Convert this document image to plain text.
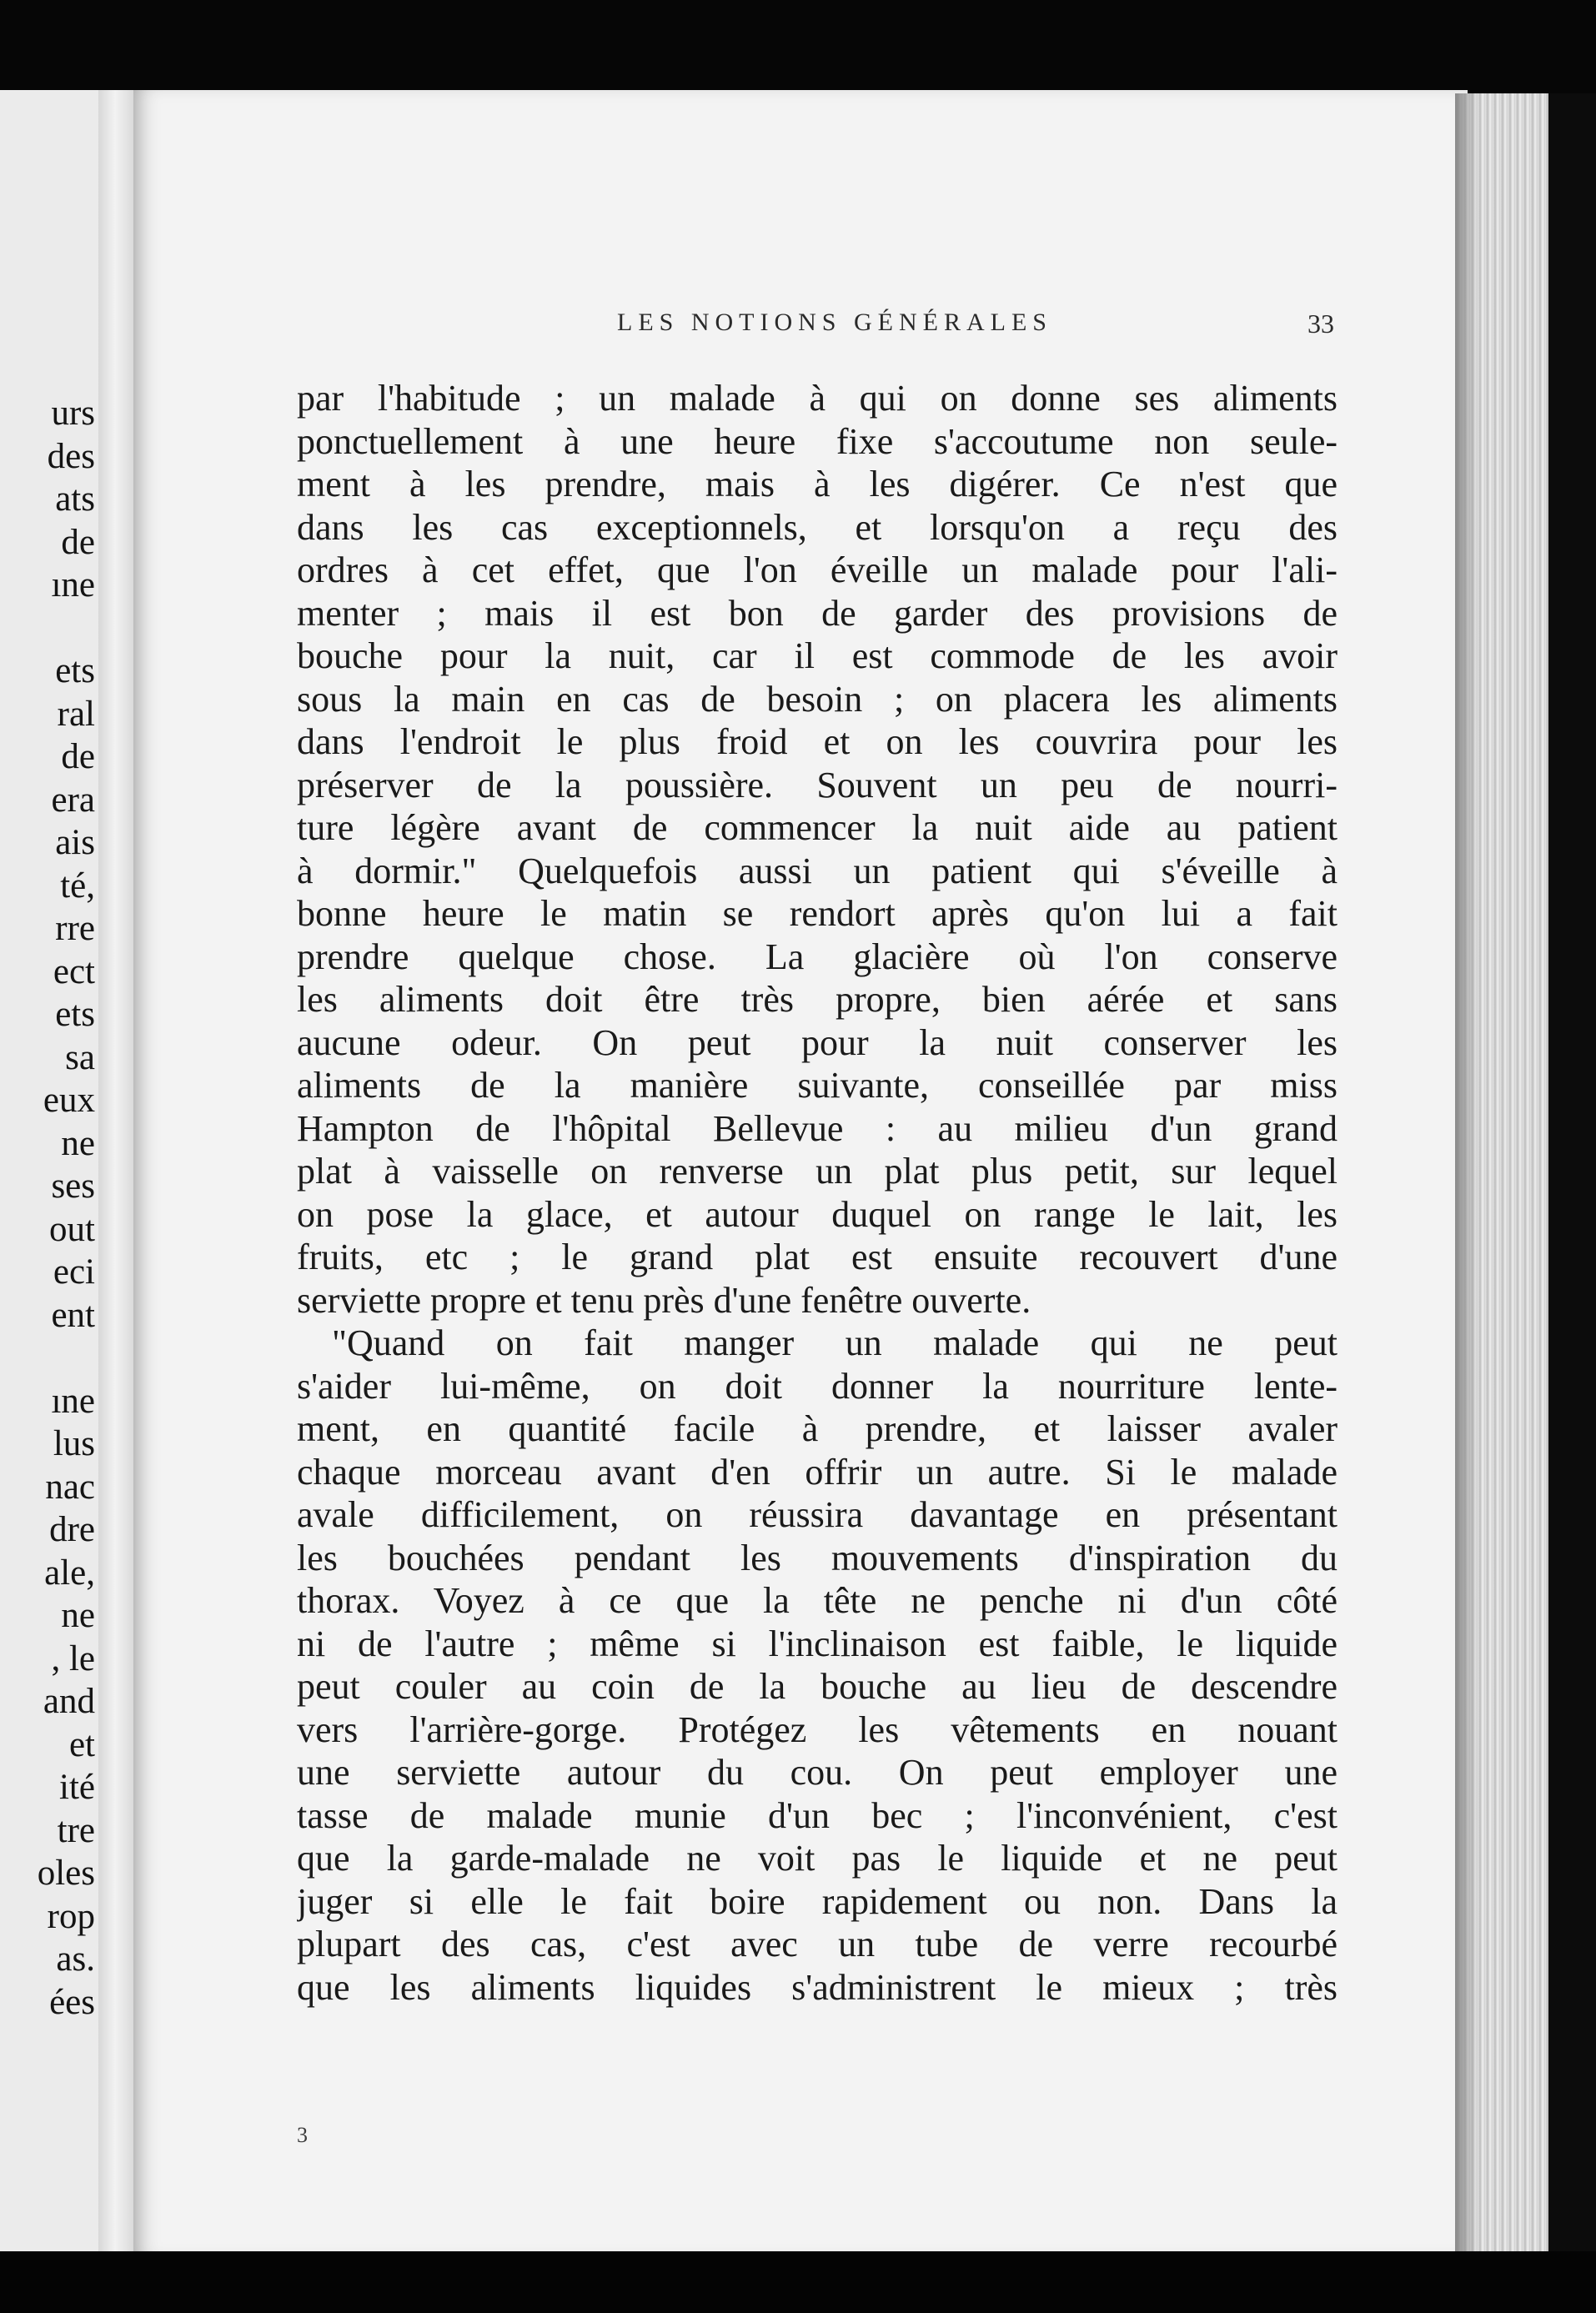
urs
des
ats
de
ıne
ets
ral
de
era
ais
té,
rre
ect
ets
sa
eux
ne
ses
out
eci
ent
ıne
lus
nac
dre
ale,
ne
, le
and
et
ité
tre
oles
rop
as.
ées
LES NOTIONS GÉNÉRALES	33
par l'habitude ; un malade à qui on donne ses aliments
ponctuellement à une heure fixe s'accoutume non seule-
ment à les prendre, mais à les digérer. Ce n'est que
dans les cas exceptionnels, et lorsqu'on a reçu des
ordres à cet effet, que l'on éveille un malade pour l'ali-
menter ; mais il est bon de garder des provisions de
bouche pour la nuit, car il est commode de les avoir
sous la main en cas de besoin ; on placera les aliments
dans l'endroit le plus froid et on les couvrira pour les
préserver de la poussière. Souvent un peu de nourri-
ture légère avant de commencer la nuit aide au patient
à dormir." Quelquefois aussi un patient qui s'éveille à
bonne heure le matin se rendort après qu'on lui a fait
prendre quelque chose. La glacière où l'on conserve
les aliments doit être très propre, bien aérée et sans
aucune odeur. On peut pour la nuit conserver les
aliments de la manière suivante, conseillée par miss
Hampton de l'hôpital Bellevue : au milieu d'un grand
plat à vaisselle on renverse un plat plus petit, sur lequel
on pose la glace, et autour duquel on range le lait, les
fruits, etc ; le grand plat est ensuite recouvert d'une
serviette propre et tenu près d'une fenêtre ouverte.
"Quand on fait manger un malade qui ne peut
s'aider lui-même, on doit donner la nourriture lente-
ment, en quantité facile à prendre, et laisser avaler
chaque morceau avant d'en offrir un autre. Si le malade
avale difficilement, on réussira davantage en présentant
les bouchées pendant les mouvements d'inspiration du
thorax. Voyez à ce que la tête ne penche ni d'un côté
ni de l'autre ; même si l'inclinaison est faible, le liquide
peut couler au coin de la bouche au lieu de descendre
vers l'arrière-gorge. Protégez les vêtements en nouant
une serviette autour du cou. On peut employer une
tasse de malade munie d'un bec ; l'inconvénient, c'est
que la garde-malade ne voit pas le liquide et ne peut
juger si elle le fait boire rapidement ou non. Dans la
plupart des cas, c'est avec un tube de verre recourbé
que les aliments liquides s'administrent le mieux ; très
3
